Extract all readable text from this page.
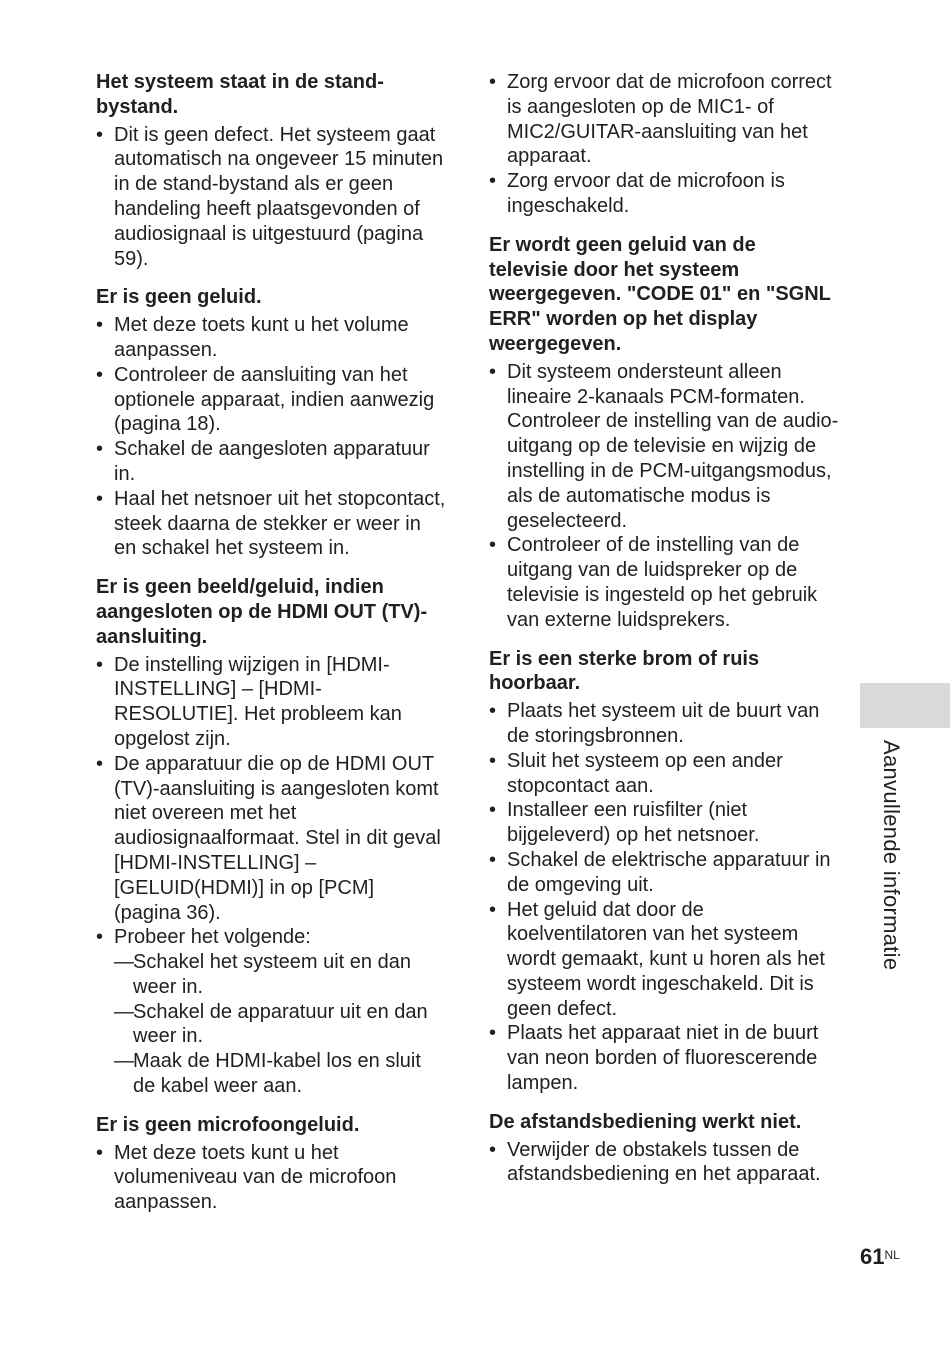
Het systeem staat in de stand-bystand.

• Dit is geen defect. Het systeem gaat automatisch na ongeveer 15 minuten in de stand-bystand als er geen handeling heeft plaatsgevonden of audiosignaal is uitgestuurd (pagina 59).

Er is geen geluid.

• Met deze toets kunt u het volume aanpassen.
• Controleer de aansluiting van het optionele apparaat, indien aanwezig (pagina 18).
• Schakel de aangesloten apparatuur in.
• Haal het netsnoer uit het stopcontact, steek daarna de stekker er weer in en schakel het systeem in.

Er is geen beeld/geluid, indien aangesloten op de HDMI OUT (TV)-aansluiting.

• De instelling wijzigen in [HDMI-INSTELLING] – [HDMI-RESOLUTIE]. Het probleem kan opgelost zijn.
• De apparatuur die op de HDMI OUT (TV)-aansluiting is aangesloten komt niet overeen met het audiosignaalformaat. Stel in dit geval [HDMI-INSTELLING] – [GELUID(HDMI)] in op [PCM] (pagina 36).
• Probeer het volgende:
— Schakel het systeem uit en dan weer in.
— Schakel de apparatuur uit en dan weer in.
— Maak de HDMI-kabel los en sluit de kabel weer aan.

Er is geen microfoongeluid.

• Met deze toets kunt u het volumeniveau van de microfoon aanpassen.
• Zorg ervoor dat de microfoon correct is aangesloten op de MIC1- of MIC2/GUITAR-aansluiting van het apparaat.
• Zorg ervoor dat de microfoon is ingeschakeld.

Er wordt geen geluid van de televisie door het systeem weergegeven. "CODE 01" en "SGNL ERR" worden op het display weergegeven.

• Dit systeem ondersteunt alleen lineaire 2-kanaals PCM-formaten. Controleer de instelling van de audio-uitgang op de televisie en wijzig de instelling in de PCM-uitgangsmodus, als de automatische modus is geselecteerd.
• Controleer of de instelling van de uitgang van de luidspreker op de televisie is ingesteld op het gebruik van externe luidsprekers.

Er is een sterke brom of ruis hoorbaar.

• Plaats het systeem uit de buurt van de storingsbronnen.
• Sluit het systeem op een ander stopcontact aan.
• Installeer een ruisfilter (niet bijgeleverd) op het netsnoer.
• Schakel de elektrische apparatuur in de omgeving uit.
• Het geluid dat door de koelventilatoren van het systeem wordt gemaakt, kunt u horen als het systeem wordt ingeschakeld. Dit is geen defect.
• Plaats het apparaat niet in de buurt van neon borden of fluorescerende lampen.

De afstandsbediening werkt niet.

• Verwijder de obstakels tussen de afstandsbediening en het apparaat.
Aanvullende informatie
$61^{NL}$
